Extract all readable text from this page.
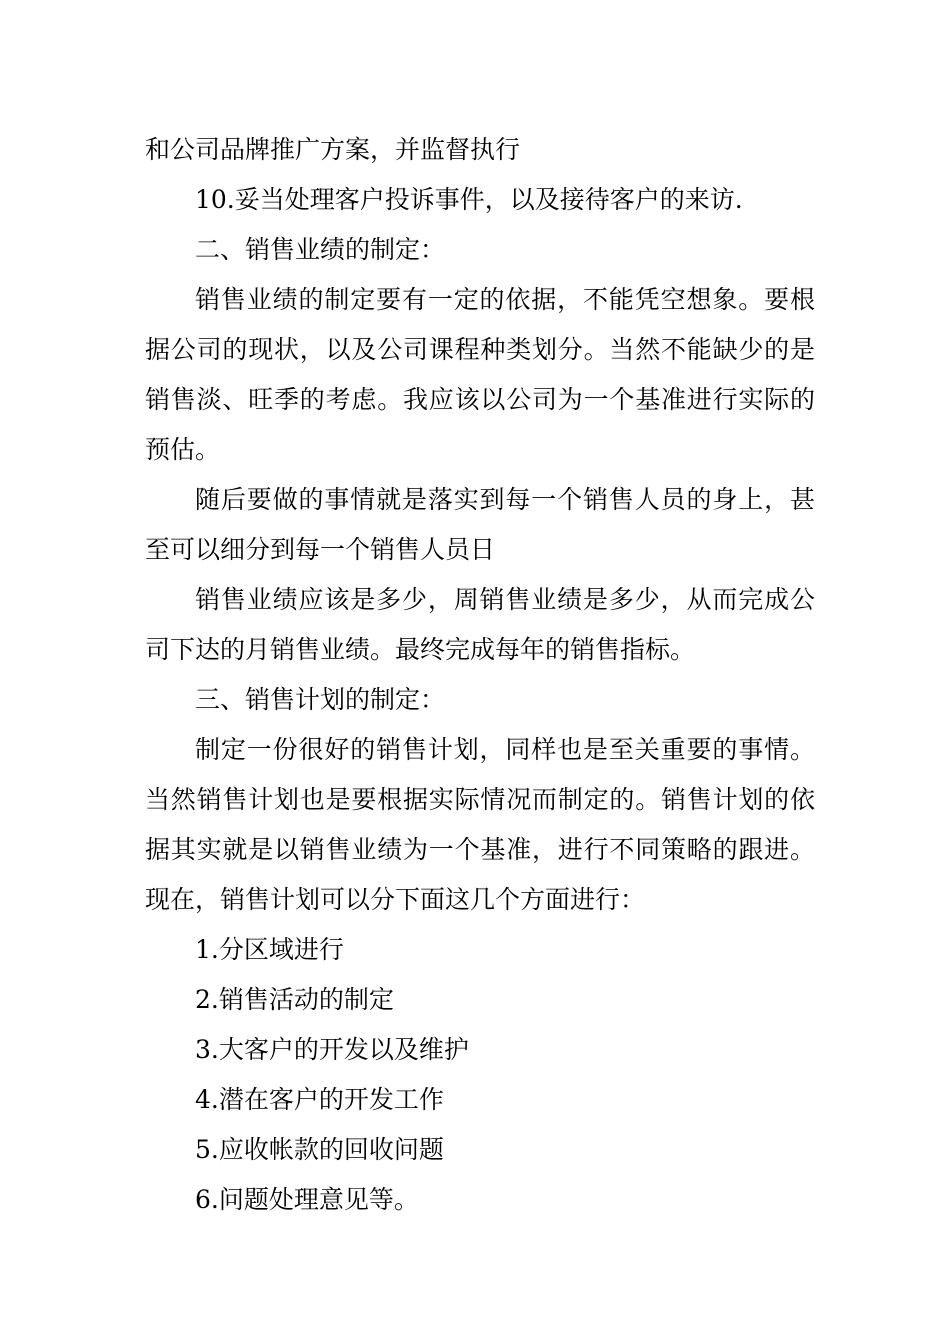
和公司品牌推广方案，并监督执行

10.妥当处理客户投诉事件，以及接待客户的来访.

二、销售业绩的制定：

销售业绩的制定要有一定的依据，不能凭空想象。要根

据公司的现状，以及公司课程种类划分。当然不能缺少的是

销售淡、旺季的考虑。我应该以公司为一个基准进行实际的

预估。

随后要做的事情就是落实到每一个销售人员的身上，甚

至可以细分到每一个销售人员日

销售业绩应该是多少，周销售业绩是多少，从而完成公

司下达的月销售业绩。最终完成每年的销售指标。

三、销售计划的制定：

制定一份很好的销售计划，同样也是至关重要的事情。

当然销售计划也是要根据实际情况而制定的。销售计划的依

据其实就是以销售业绩为一个基准，进行不同策略的跟进。

现在，销售计划可以分下面这几个方面进行：

1.分区域进行

2.销售活动的制定

3.大客户的开发以及维护

4.潜在客户的开发工作

5.应收帐款的回收问题

6.问题处理意见等。
